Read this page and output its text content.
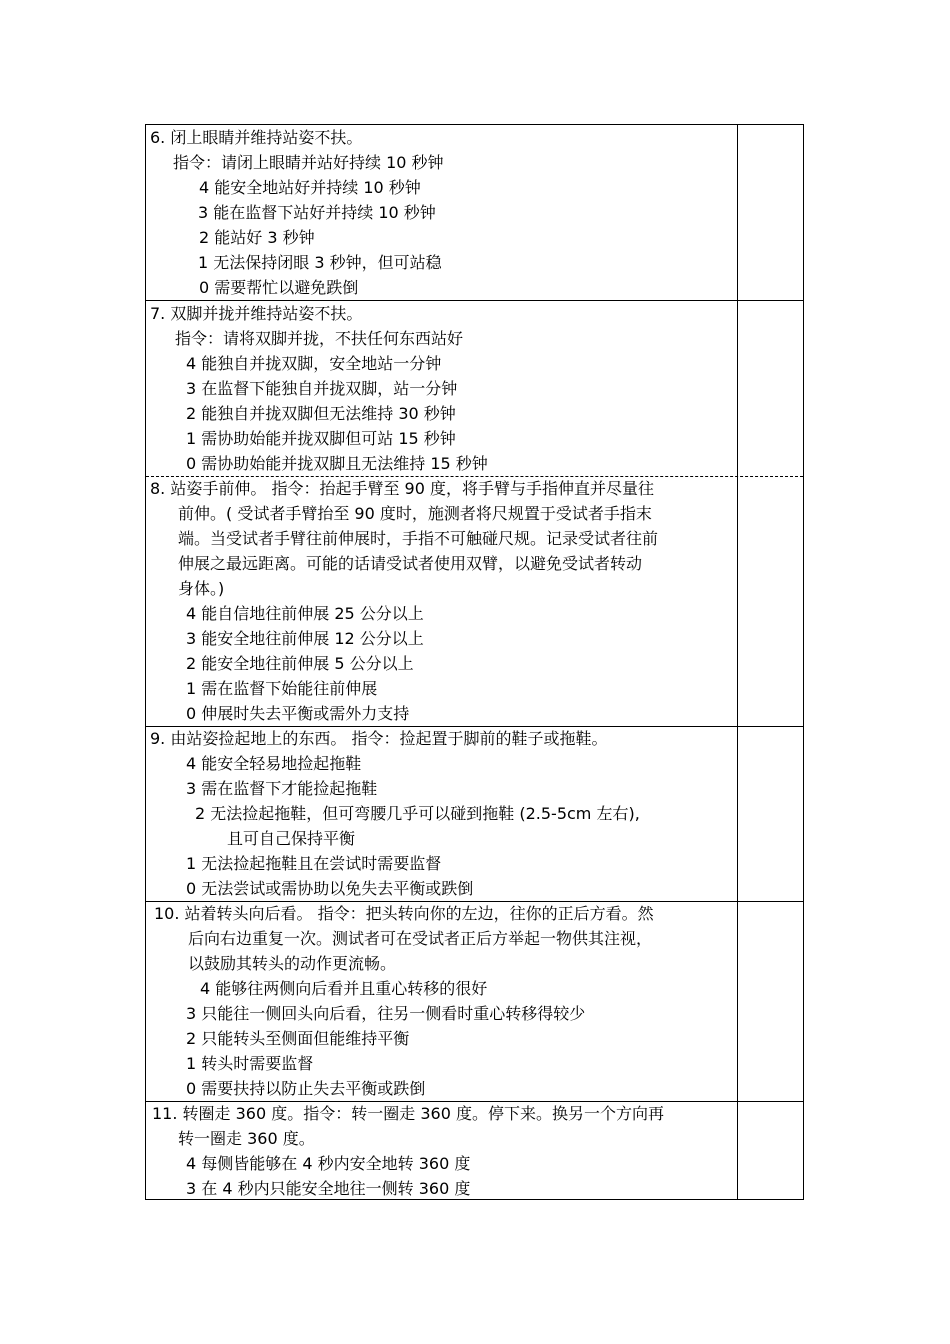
6. 闭上眼睛并维持站姿不扶。
指令：请闭上眼睛并站好持续 10 秒钟
4 能安全地站好并持续 10 秒钟
3 能在监督下站好并持续 10 秒钟
2 能站好 3 秒钟
1 无法保持闭眼 3 秒钟，但可站稳
0 需要帮忙以避免跌倒
7. 双脚并拢并维持站姿不扶。
指令：请将双脚并拢，不扶任何东西站好
4 能独自并拢双脚，安全地站一分钟
3 在监督下能独自并拢双脚，站一分钟
2 能独自并拢双脚但无法维持 30 秒钟
1 需协助始能并拢双脚但可站 15 秒钟
0 需协助始能并拢双脚且无法维持 15 秒钟
8. 站姿手前伸。 指令：抬起手臂至 90 度，将手臂与手指伸直并尽量往
前伸。( 受试者手臂抬至 90 度时，施测者将尺规置于受试者手指末
端。当受试者手臂往前伸展时，手指不可触碰尺规。记录受试者往前
伸展之最远距离。可能的话请受试者使用双臂，以避免受试者转动
身体。)
4 能自信地往前伸展 25 公分以上
3 能安全地往前伸展 12 公分以上
2 能安全地往前伸展 5 公分以上
1 需在监督下始能往前伸展
0 伸展时失去平衡或需外力支持
9. 由站姿捡起地上的东西。 指令：捡起置于脚前的鞋子或拖鞋。
4 能安全轻易地捡起拖鞋
3 需在监督下才能捡起拖鞋
2 无法捡起拖鞋，但可弯腰几乎可以碰到拖鞋 (2.5-5cm 左右),
且可自己保持平衡
1 无法捡起拖鞋且在尝试时需要监督
0 无法尝试或需协助以免失去平衡或跌倒
10. 站着转头向后看。 指令：把头转向你的左边，往你的正后方看。然
后向右边重复一次。测试者可在受试者正后方举起一物供其注视，
以鼓励其转头的动作更流畅。
4 能够往两侧向后看并且重心转移的很好
3 只能往一侧回头向后看，往另一侧看时重心转移得较少
2 只能转头至侧面但能维持平衡
1 转头时需要监督
0 需要扶持以防止失去平衡或跌倒
11. 转圈走 360 度。指令：转一圈走 360 度。停下来。换另一个方向再
转一圈走 360 度。
4 每侧皆能够在 4 秒内安全地转 360 度
3 在 4 秒内只能安全地往一侧转 360 度
